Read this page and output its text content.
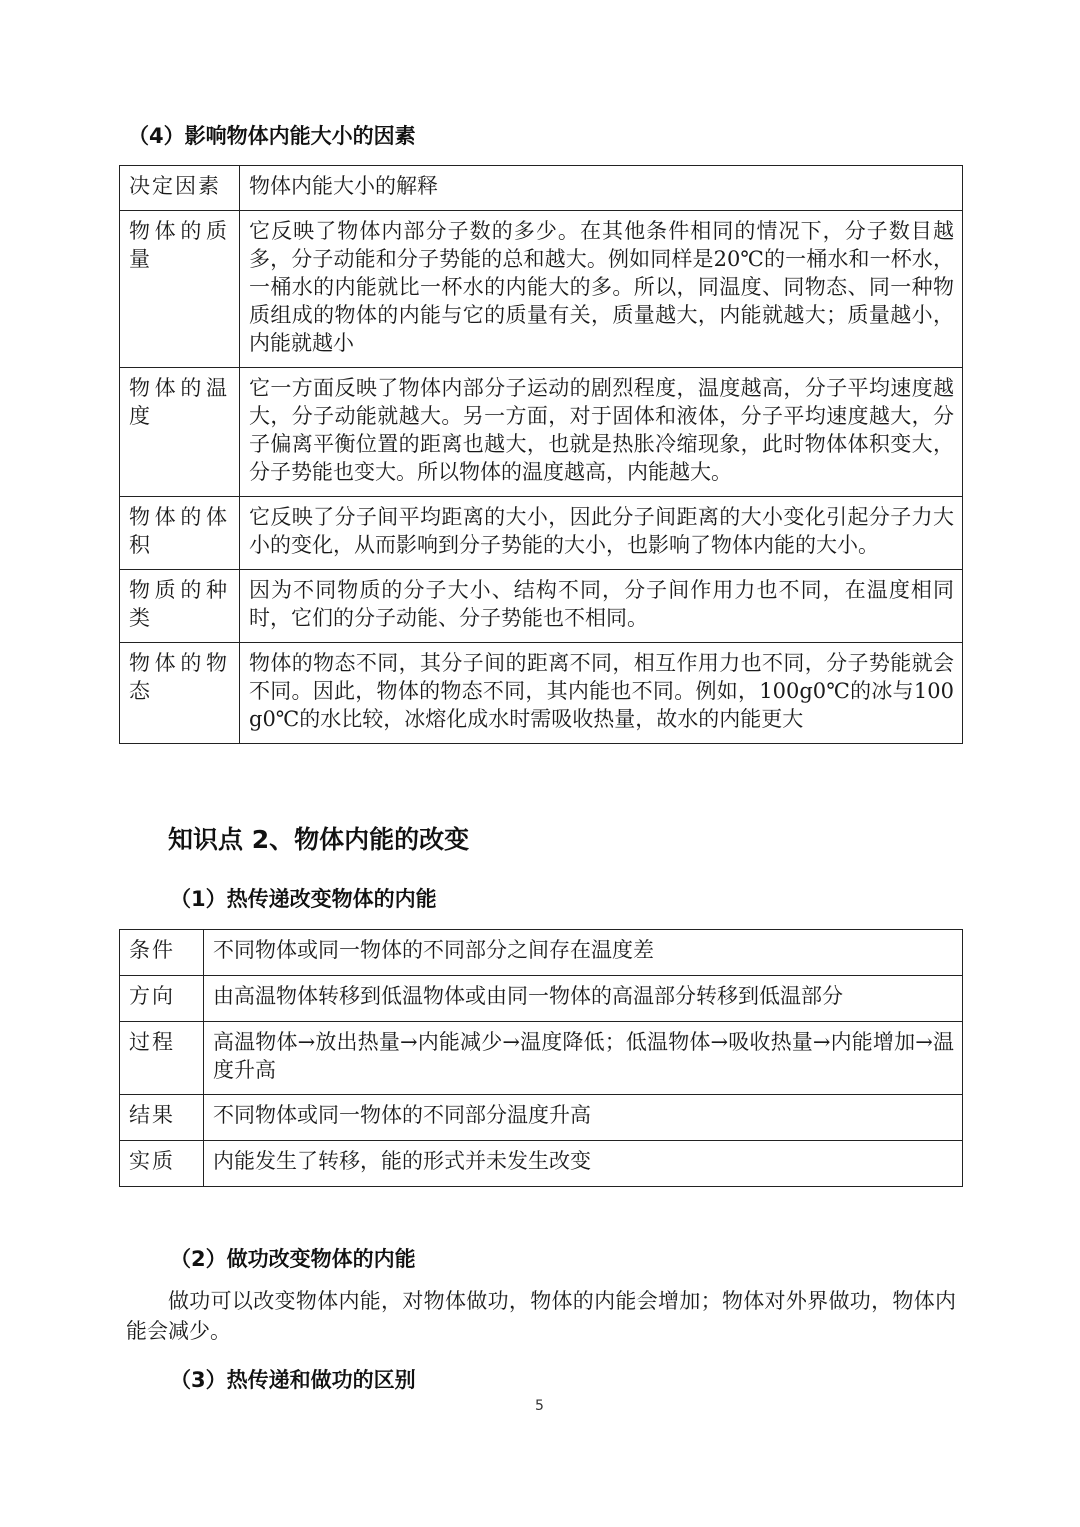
（4）影响物体内能大小的因素
决定因素	物体内能大小的解释
物体的质量	它反映了物体内部分子数的多少。在其他条件相同的情况下，分子数目越多，分子动能和分子势能的总和越大。例如同样是20℃的一桶水和一杯水，一桶水的内能就比一杯水的内能大的多。所以，同温度、同物态、同一种物质组成的物体的内能与它的质量有关，质量越大，内能就越大；质量越小，内能就越小
物体的温度	它一方面反映了物体内部分子运动的剧烈程度，温度越高，分子平均速度越大，分子动能就越大。另一方面，对于固体和液体，分子平均速度越大，分子偏离平衡位置的距离也越大，也就是热胀冷缩现象，此时物体体积变大，分子势能也变大。所以物体的温度越高，内能越大。
物体的体积	它反映了分子间平均距离的大小，因此分子间距离的大小变化引起分子力大小的变化，从而影响到分子势能的大小，也影响了物体内能的大小。
物质的种类	因为不同物质的分子大小、结构不同，分子间作用力也不同，在温度相同时，它们的分子动能、分子势能也不相同。
物体的物态	物体的物态不同，其分子间的距离不同，相互作用力也不同，分子势能就会不同。因此，物体的物态不同，其内能也不同。例如，100g0℃的冰与100g0℃的水比较，冰熔化成水时需吸收热量，故水的内能更大
知识点 2、物体内能的改变
（1）热传递改变物体的内能
条件	不同物体或同一物体的不同部分之间存在温度差
方向	由高温物体转移到低温物体或由同一物体的高温部分转移到低温部分
过程	高温物体→放出热量→内能减少→温度降低；低温物体→吸收热量→内能增加→温度升高
结果	不同物体或同一物体的不同部分温度升高
实质	内能发生了转移，能的形式并未发生改变
（2）做功改变物体的内能
做功可以改变物体内能，对物体做功，物体的内能会增加；物体对外界做功，物体内能会减少。
（3）热传递和做功的区别
5
